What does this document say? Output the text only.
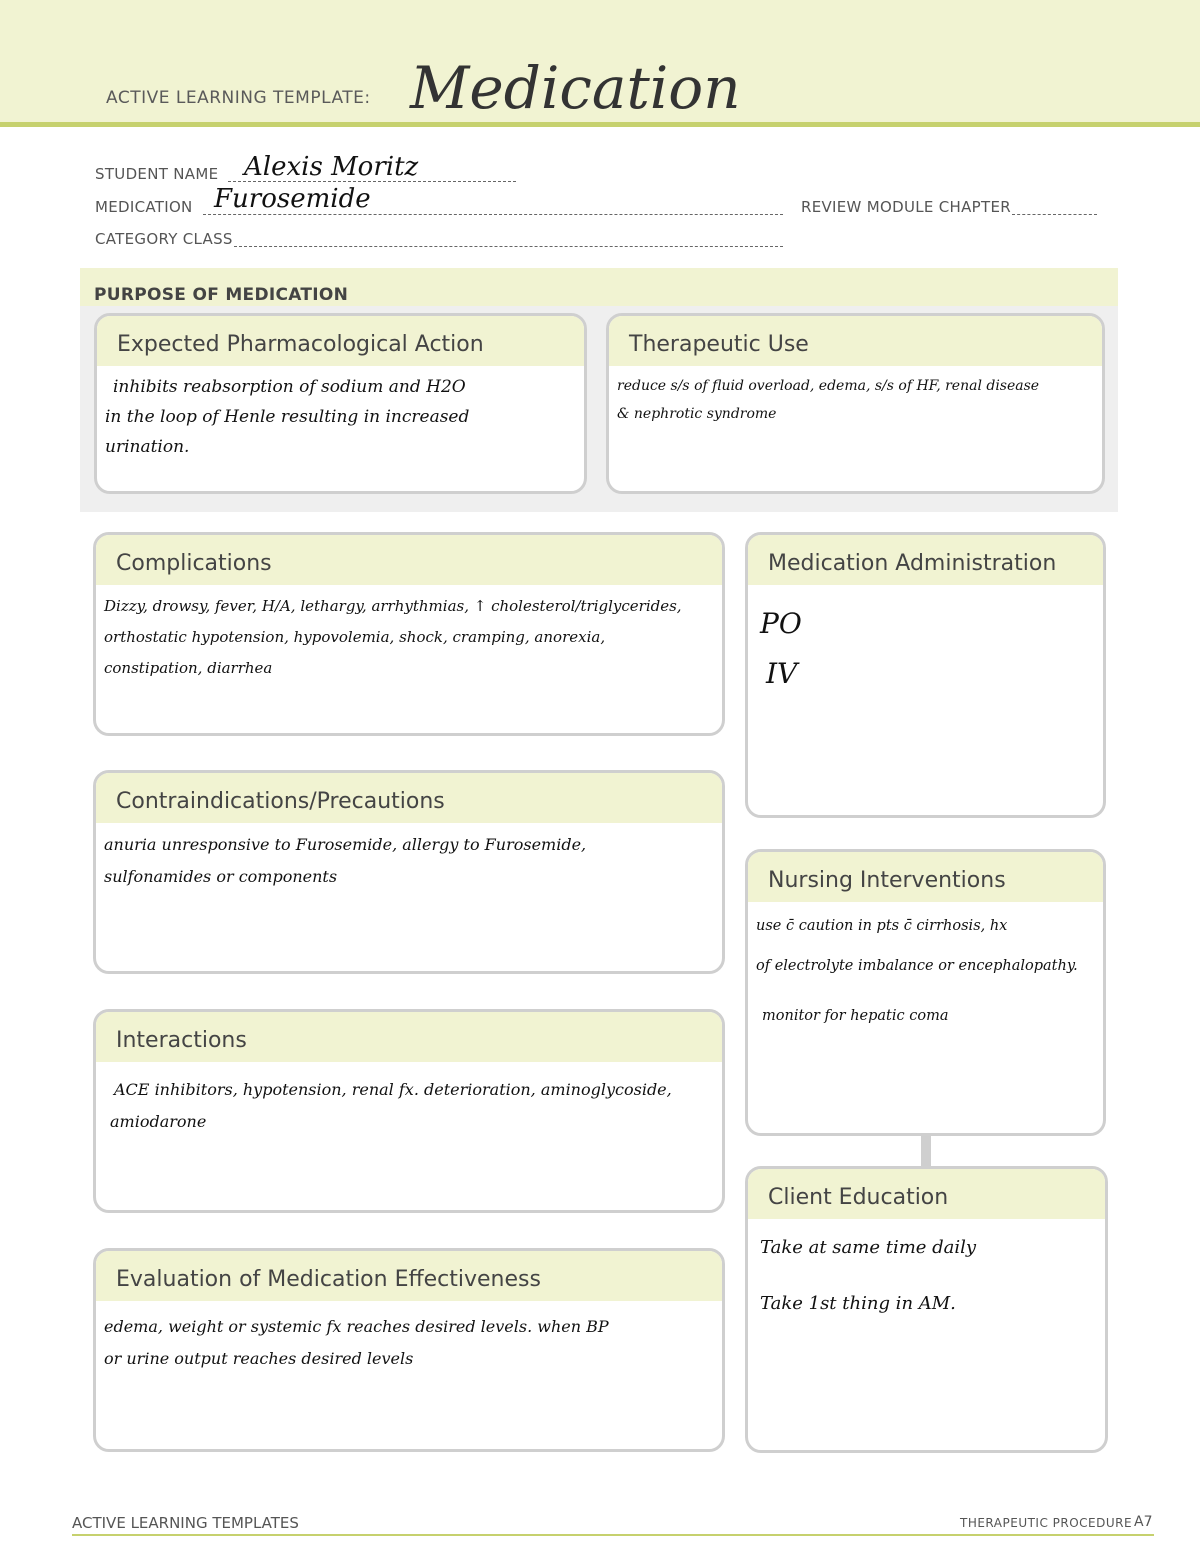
ACTIVE LEARNING TEMPLATE: Medication
STUDENT NAME Alexis Moritz
MEDICATION Furosemide	REVIEW MODULE CHAPTER
CATEGORY CLASS
PURPOSE OF MEDICATION
Expected Pharmacological Action
inhibits reabsorption of sodium and H2O
in the loop of Henle resulting in increased
urination.
Therapeutic Use
reduce s/s of fluid overload, edema, s/s of HF, renal disease
& nephrotic syndrome
Complications
Dizzy, drowsy, fever, H/A, lethargy, arrhythmias, ↑ cholesterol/triglycerides,
orthostatic hypotension, hypovolemia, shock, cramping, anorexia,
constipation, diarrhea
Contraindications/Precautions
anuria unresponsive to Furosemide, allergy to Furosemide,
sulfonamides or components
Interactions
ACE inhibitors, hypotension, renal fx. deterioration, aminoglycoside,
amiodarone
Evaluation of Medication Effectiveness
edema, weight or systemic fx reaches desired levels. when BP
or urine output reaches desired levels
Medication Administration
PO
IV
Nursing Interventions
use c̄ caution in pts c̄ cirrhosis, hx
of electrolyte imbalance or encephalopathy.
monitor for hepatic coma
Client Education
Take at same time daily
Take 1st thing in AM.
ACTIVE LEARNING TEMPLATES	THERAPEUTIC PROCEDURE A7
